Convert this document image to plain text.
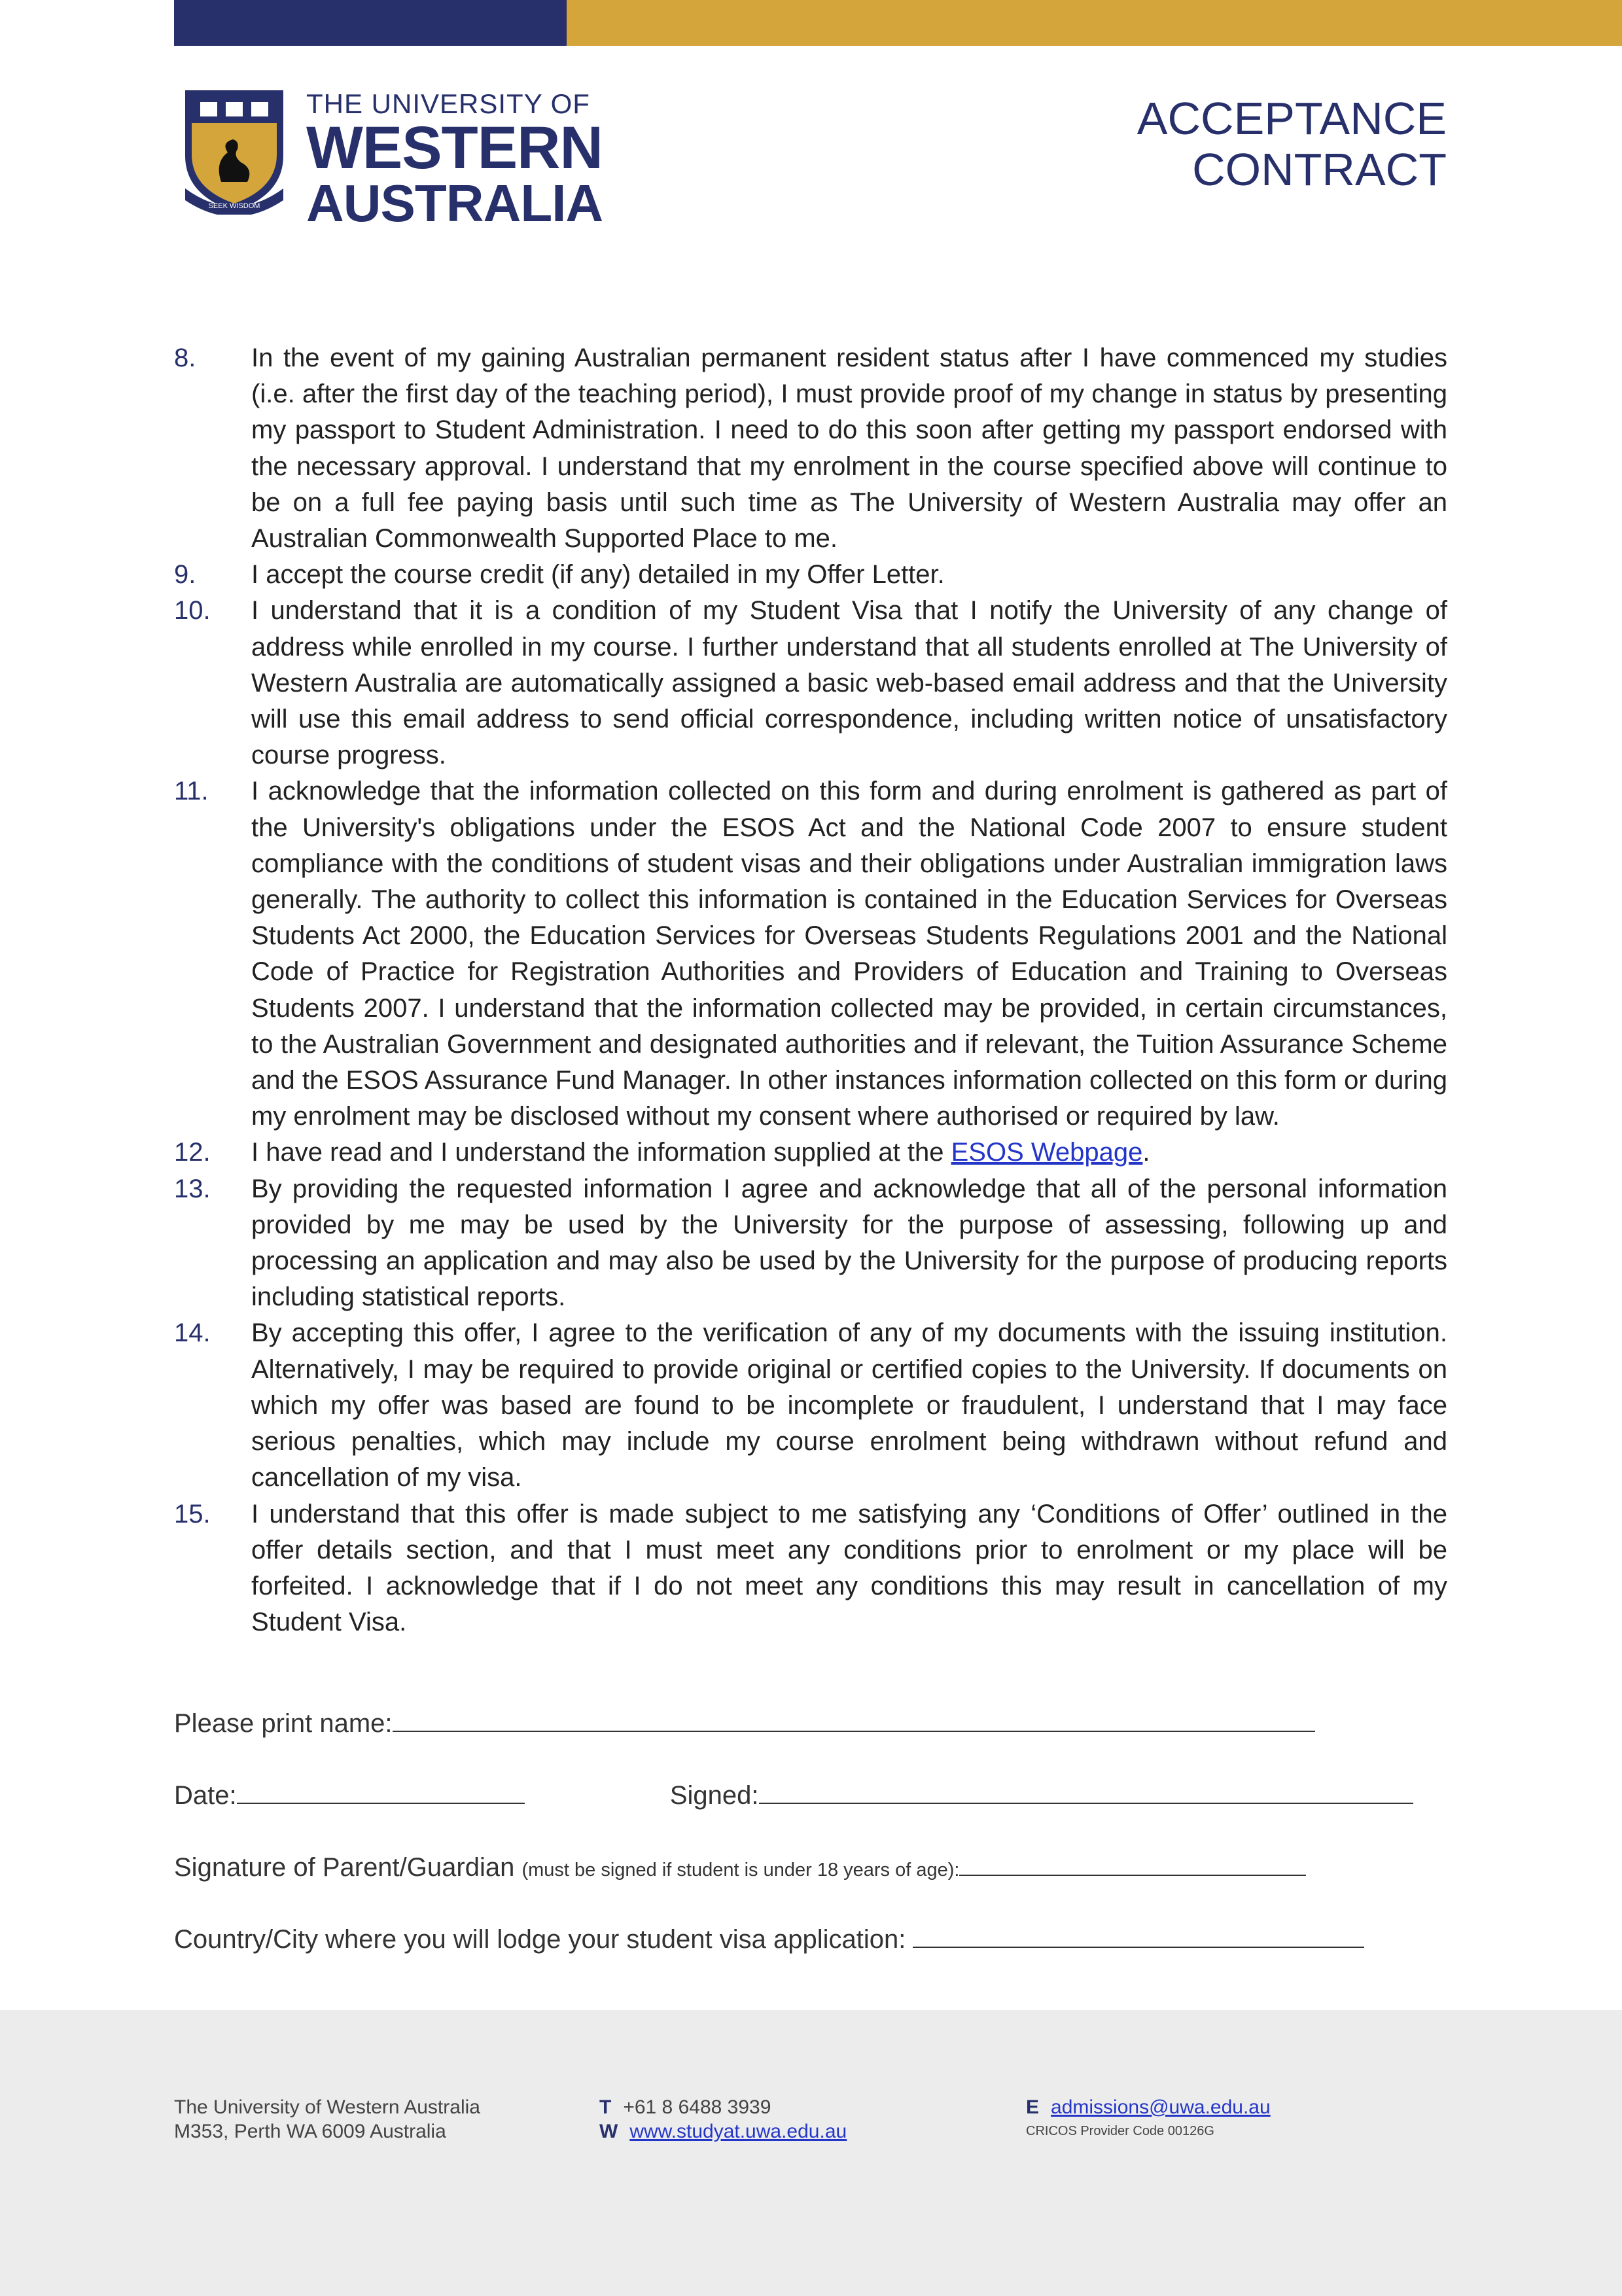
SEEK WISDOM
THE UNIVERSITY OF
WESTERN
AUSTRALIA
ACCEPTANCE
CONTRACT
8.	In the event of my gaining Australian permanent resident status after I have commenced my studies (i.e. after the first day of the teaching period), I must provide proof of my change in status by presenting my passport to Student Administration. I need to do this soon after getting my passport endorsed with the necessary approval. I understand that my enrolment in the course specified above will continue to be on a full fee paying basis until such time as The University of Western Australia may offer an Australian Commonwealth Supported Place to me.
9.	I accept the course credit (if any) detailed in my Offer Letter.
10.	I understand that it is a condition of my Student Visa that I notify the University of any change of address while enrolled in my course. I further understand that all students enrolled at The University of Western Australia are automatically assigned a basic web-based email address and that the University will use this email address to send official correspondence, including written notice of unsatisfactory course progress.
11.	I acknowledge that the information collected on this form and during enrolment is gathered as part of the University's obligations under the ESOS Act and the National Code 2007 to ensure student compliance with the conditions of student visas and their obligations under Australian immigration laws generally. The authority to collect this information is contained in the Education Services for Overseas Students Act 2000, the Education Services for Overseas Students Regulations 2001 and the National Code of Practice for Registration Authorities and Providers of Education and Training to Overseas Students 2007. I understand that the information collected may be provided, in certain circumstances, to the Australian Government and designated authorities and if relevant, the Tuition Assurance Scheme and the ESOS Assurance Fund Manager. In other instances information collected on this form or during my enrolment may be disclosed without my consent where authorised or required by law.
12.	I have read and I understand the information supplied at the ESOS Webpage.
13.	By providing the requested information I agree and acknowledge that all of the personal information provided by me may be used by the University for the purpose of assessing, following up and processing an application and may also be used by the University for the purpose of producing reports including statistical reports.
14.	By accepting this offer, I agree to the verification of any of my documents with the issuing institution. Alternatively, I may be required to provide original or certified copies to the University. If documents on which my offer was based are found to be incomplete or fraudulent, I understand that I may face serious penalties, which may include my course enrolment being withdrawn without refund and cancellation of my visa.
15.	I understand that this offer is made subject to me satisfying any ‘Conditions of Offer’ outlined in the offer details section, and that I must meet any conditions prior to enrolment or my place will be forfeited. I acknowledge that if I do not meet any conditions this may result in cancellation of my Student Visa.
Please print name:
Date:	Signed:
Signature of Parent/Guardian (must be signed if student is under 18 years of age):
Country/City where you will lodge your student visa application:
The University of Western Australia
M353, Perth WA 6009 Australia
T +61 8 6488 3939
W www.studyat.uwa.edu.au
E admissions@uwa.edu.au
CRICOS Provider Code 00126G
